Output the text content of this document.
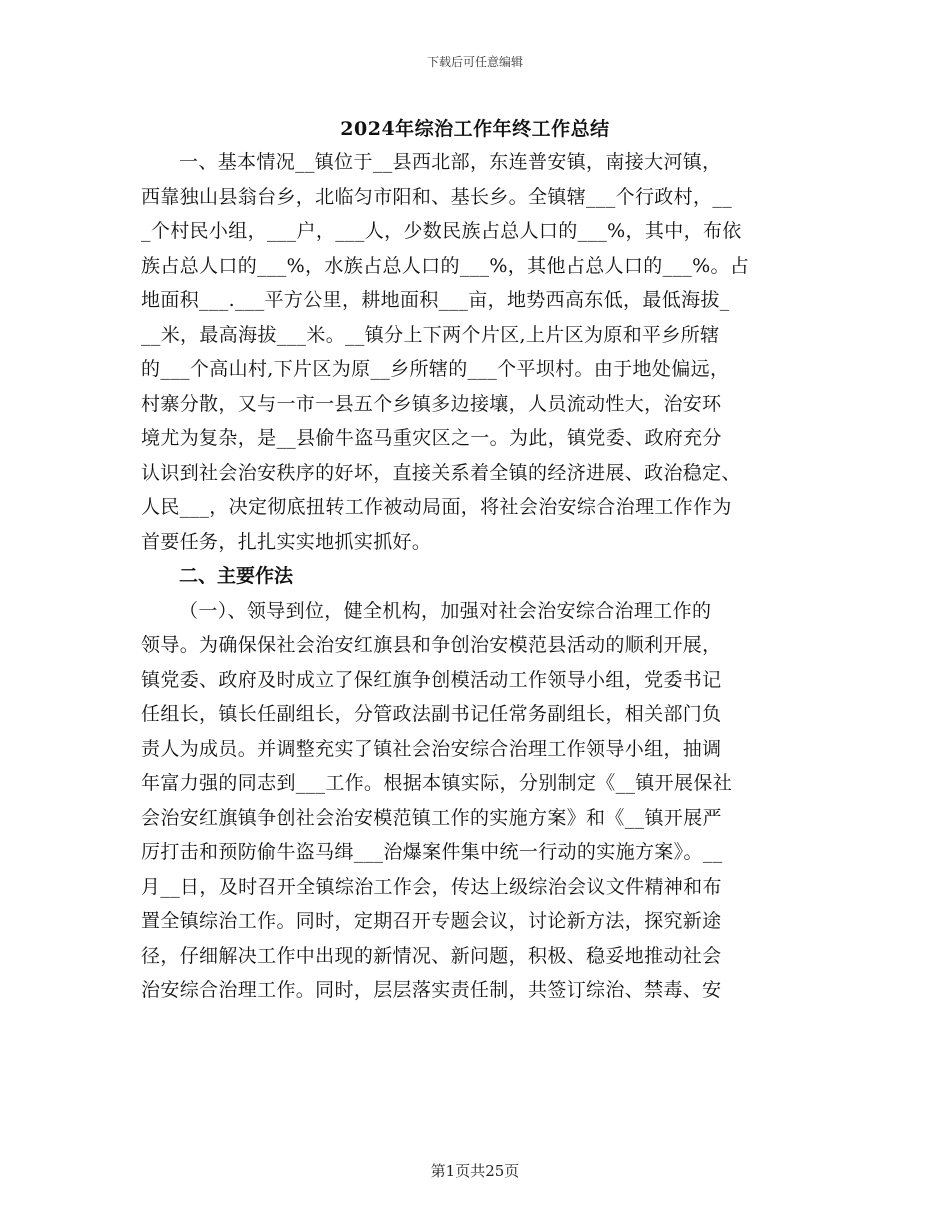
下载后可任意编辑
2024年综治工作年终工作总结
一、基本情况__镇位于__县西北部，东连普安镇，南接大河镇，
西靠独山县翁台乡，北临匀市阳和、基长乡。全镇辖___个行政村，__
_个村民小组，___户，___人，少数民族占总人口的___%，其中，布依
族占总人口的___%，水族占总人口的___%，其他占总人口的___%。占
地面积___.___平方公里，耕地面积___亩，地势西高东低，最低海拔_
__米，最高海拔___米。__镇分上下两个片区,上片区为原和平乡所辖
的___个高山村,下片区为原__乡所辖的___个平坝村。由于地处偏远，
村寨分散，又与一市一县五个乡镇多边接壤，人员流动性大，治安环
境尤为复杂，是__县偷牛盗马重灾区之一。为此，镇党委、政府充分
认识到社会治安秩序的好坏，直接关系着全镇的经济进展、政治稳定、
人民___，决定彻底扭转工作被动局面，将社会治安综合治理工作作为
首要任务，扎扎实实地抓实抓好。
二、主要作法
（一）、领导到位，健全机构，加强对社会治安综合治理工作的
领导。为确保保社会治安红旗县和争创治安模范县活动的顺利开展，
镇党委、政府及时成立了保红旗争创模活动工作领导小组，党委书记
任组长，镇长任副组长，分管政法副书记任常务副组长，相关部门负
责人为成员。并调整充实了镇社会治安综合治理工作领导小组，抽调
年富力强的同志到___工作。根据本镇实际，分别制定《__镇开展保社
会治安红旗镇争创社会治安模范镇工作的实施方案》和《__镇开展严
厉打击和预防偷牛盗马缉___治爆案件集中统一行动的实施方案》。__
月__日，及时召开全镇综治工作会，传达上级综治会议文件精神和布
置全镇综治工作。同时，定期召开专题会议，讨论新方法，探究新途
径，仔细解决工作中出现的新情况、新问题，积极、稳妥地推动社会
治安综合治理工作。同时，层层落实责任制，共签订综治、禁毒、安
第1页共25页
